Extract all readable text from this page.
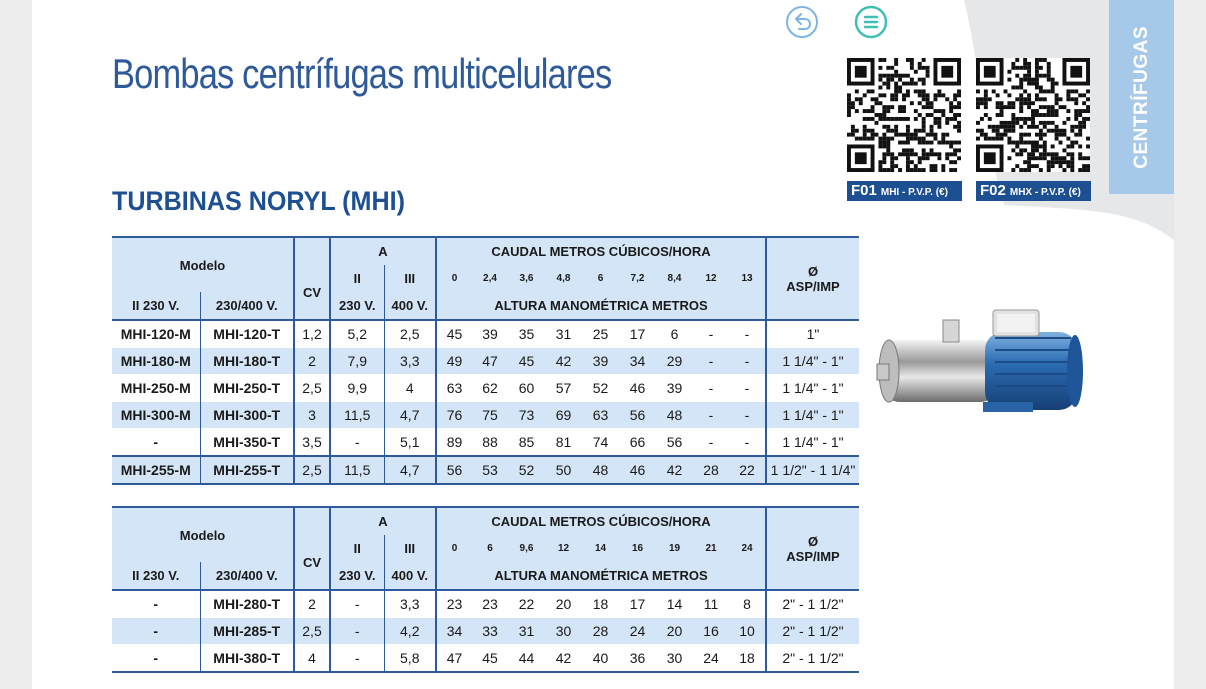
CENTRÍFUGAS
Bombas centrífugas multicelulares
TURBINAS NORYL (MHI)	F01 MHI - P.V.P. (€) F02 MHX - P.V.P. (€)
Modelo			A		CAUDAL METROS CÚBICOS/HORA									Ø
ASP/IMP

		CV	II	III	0	2,4	3,6	4,8	6	7,2	8,4	12	13	
II 230 V.	230/400 V.		230 V.	400 V.	ALTURA MANOMÉTRICA METROS									
MHI-120-M	MHI-120-T	1,2	5,2	2,5	45	39	35	31	25	17	6	-	-	1"
MHI-180-M	MHI-180-T	2	7,9	3,3	49	47	45	42	39	34	29	-	-	1 1/4" - 1"
MHI-250-M	MHI-250-T	2,5	9,9	4	63	62	60	57	52	46	39	-	-	1 1/4" - 1"
MHI-300-M	MHI-300-T	3	11,5	4,7	76	75	73	69	63	56	48	-	-	1 1/4" - 1"
-	MHI-350-T	3,5	-	5,1	89	88	85	81	74	66	56	-	-	1 1/4" - 1"
MHI-255-M	MHI-255-T	2,5	11,5	4,7	56	53	52	50	48	46	42	28	22	1 1/2" - 1 1/4"
Modelo			A		CAUDAL METROS CÚBICOS/HORA									Ø
ASP/IMP

		CV	II	III	0	6	9,6	12	14	16	19	21	24	
II 230 V.	230/400 V.		230 V.	400 V.	ALTURA MANOMÉTRICA METROS									
-	MHI-280-T	2	-	3,3	23	23	22	20	18	17	14	11	8	2" - 1 1/2"
-	MHI-285-T	2,5	-	4,2	34	33	31	30	28	24	20	16	10	2" - 1 1/2"
-	MHI-380-T	4	-	5,8	47	45	44	42	40	36	30	24	18	2" - 1 1/2"
